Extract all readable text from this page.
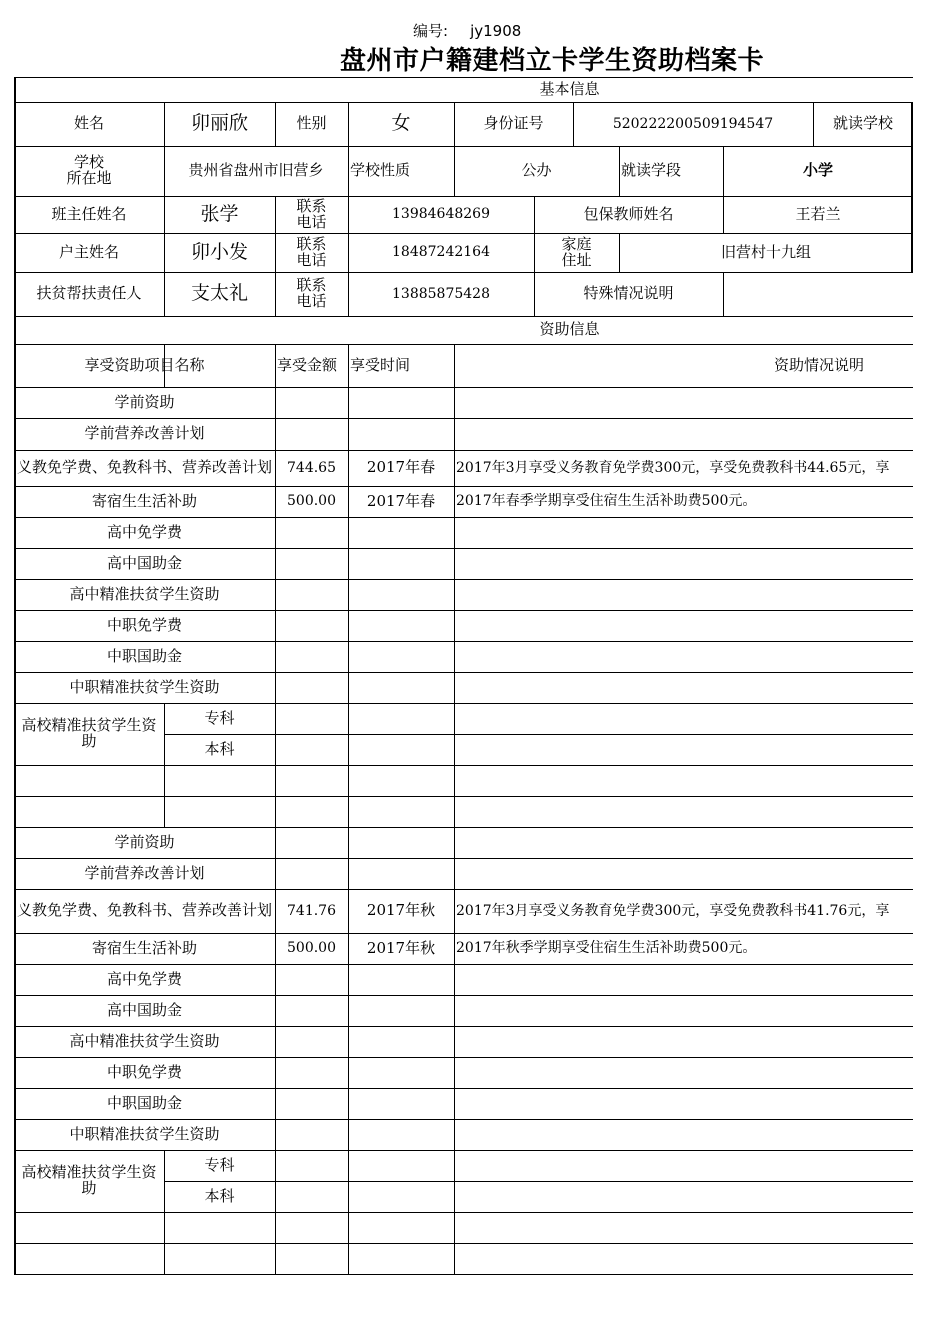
编号: jy1908
盘州市户籍建档立卡学生资助档案卡
基本信息
姓名	卯丽欣	性别	女	身份证号	520222200509194547	就读学校
学校
所在地	贵州省盘州市旧营乡	学校性质	公办	就读学段	小学
班主任姓名	张学	联系
电话	13984648269	包保教师姓名	王若兰
户主姓名	卯小发	联系
电话	18487242164	家庭
住址	旧营村十九组
扶贫帮扶责任人	支太礼	联系
电话	13885875428	特殊情况说明
资助信息
享受资助项目名称	享受金额 享受时间	资助情况说明
学前资助
学前营养改善计划
义教免学费、免教科书、营养改善计划	744.65	2017年春	2017年3月享受义务教育免学费300元，享受免费教科书44.65元，享
寄宿生生活补助	500.00	2017年春	2017年春季学期享受住宿生生活补助费500元。
高中免学费
高中国助金
高中精准扶贫学生资助
中职免学费
中职国助金
中职精准扶贫学生资助
高校精准扶贫学生资助
专科
本科
学前资助
学前营养改善计划
义教免学费、免教科书、营养改善计划	741.76	2017年秋	2017年3月享受义务教育免学费300元，享受免费教科书41.76元，享
寄宿生生活补助	500.00	2017年秋	2017年秋季学期享受住宿生生活补助费500元。
高中免学费
高中国助金
高中精准扶贫学生资助
中职免学费
中职国助金
中职精准扶贫学生资助
高校精准扶贫学生资助
专科
本科
